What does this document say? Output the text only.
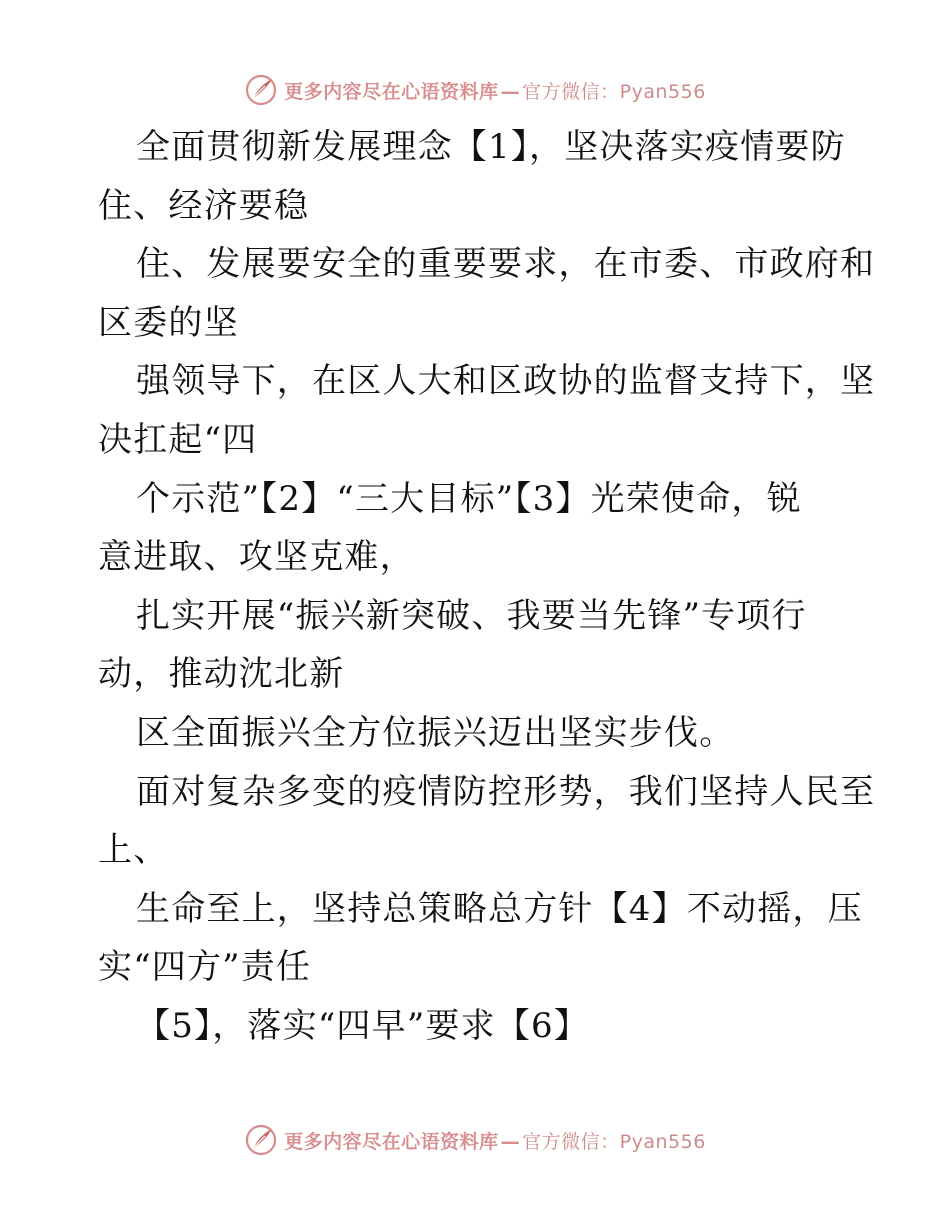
更多内容尽在心语资料库 — 官方微信：Pyan556
全面贯彻新发展理念【1】，坚决落实疫情要防
住、经济要稳
住、发展要安全的重要要求，在市委、市政府和
区委的坚
强领导下，在区人大和区政协的监督支持下，坚
决扛起“四
个示范”【2】“三大目标”【3】光荣使命，锐
意进取、攻坚克难，
扎实开展“振兴新突破、我要当先锋”专项行
动，推动沈北新
区全面振兴全方位振兴迈出坚实步伐。
面对复杂多变的疫情防控形势，我们坚持人民至
上、
生命至上，坚持总策略总方针【4】不动摇，压
实“四方”责任
【5】，落实“四早”要求【6】
更多内容尽在心语资料库 — 官方微信：Pyan556
